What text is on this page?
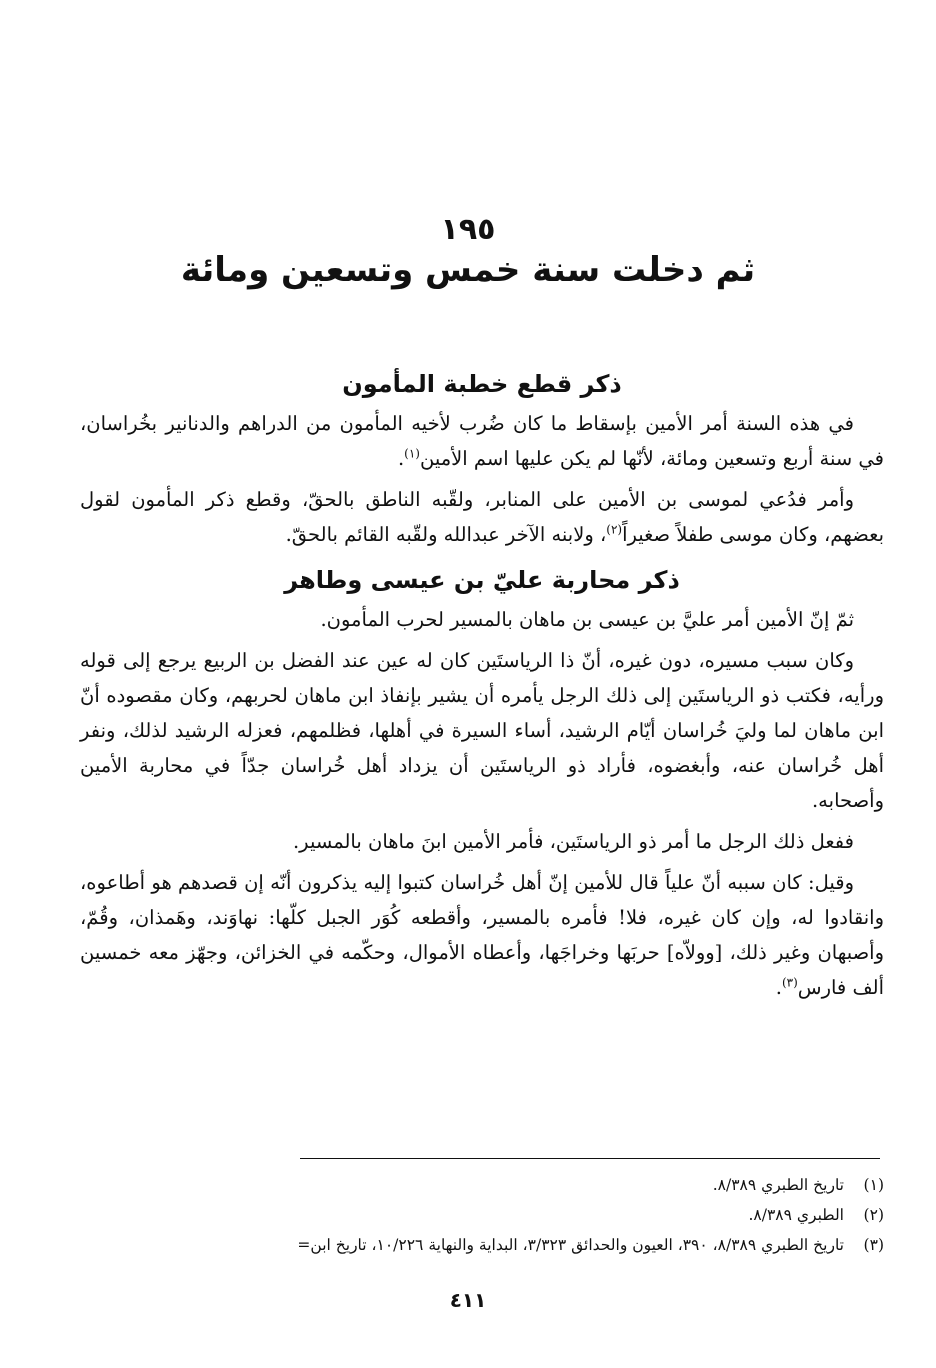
١٩٥
ثم دخلت سنة خمس وتسعين ومائة
ذكر قطع خطبة المأمون

في هذه السنة أمر الأمين بإسقاط ما كان ضُرب لأخيه المأمون من الدراهم والدنانير بخُراسان، في سنة أربع وتسعين ومائة، لأنّها لم يكن عليها اسم الأمين$^{(١)}$.

وأمر فدُعي لموسى بن الأمين على المنابر، ولقّبه الناطق بالحقّ، وقطع ذكر المأمون لقول بعضهم، وكان موسى طفلاً صغيراً$^{(٢)}$، ولابنه الآخر عبدالله ولقّبه القائم بالحقّ.

ذكر محاربة عليّ بن عيسى وطاهر

ثمّ إنّ الأمين أمر عليَّ بن عيسى بن ماهان بالمسير لحرب المأمون.

وكان سبب مسيره، دون غيره، أنّ ذا الرياستَين كان له عين عند الفضل بن الربيع يرجع إلى قوله ورأيه، فكتب ذو الرياستَين إلى ذلك الرجل يأمره أن يشير بإنفاذ ابن ماهان لحربهم، وكان مقصوده أنّ ابن ماهان لما وليَ خُراسان أيّام الرشيد، أساء السيرة في أهلها، فظلمهم، فعزله الرشيد لذلك، ونفر أهل خُراسان عنه، وأبغضوه، فأراد ذو الرياستَين أن يزداد أهل خُراسان جدّاً في محاربة الأمين وأصحابه.

ففعل ذلك الرجل ما أمر ذو الرياستَين، فأمر الأمين ابنَ ماهان بالمسير.

وقيل: كان سببه أنّ علياً قال للأمين إنّ أهل خُراسان كتبوا إليه يذكرون أنّه إن قصدهم هو أطاعوه، وانقادوا له، وإن كان غيره، فلا! فأمره بالمسير، وأقطعه كُوَر الجبل كلّها: نهاوَند، وهَمذان، وقُمّ، وأصبهان وغير ذلك، [وولاّه] حربَها وخراجَها، وأعطاه الأموال، وحكّمه في الخزائن، وجهّز معه خمسين ألف فارس$^{(٣)}$.

(١)
تاريخ الطبري ٨/٣٨٩.
(٢)
الطبري ٨/٣٨٩.
(٣)
تاريخ الطبري ٨/٣٨٩، ٣٩٠، العيون والحدائق ٣/٣٢٣، البداية والنهاية ١٠/٢٢٦، تاريخ ابن=
٤١١
